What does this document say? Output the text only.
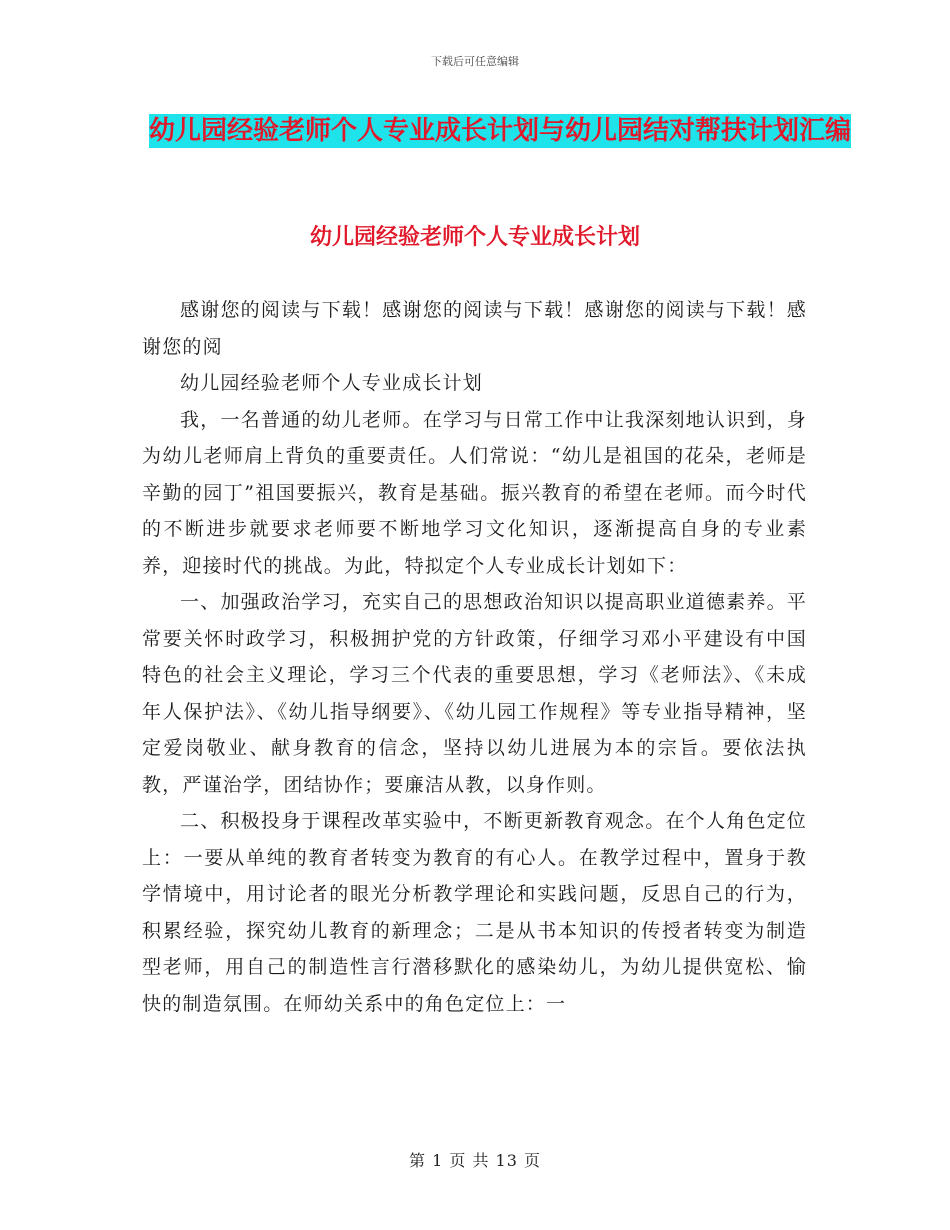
下载后可任意编辑
幼儿园经验老师个人专业成长计划与幼儿园结对帮扶计划汇编
幼儿园经验老师个人专业成长计划

感谢您的阅读与下载！感谢您的阅读与下载！感谢您的阅读与下载！感谢您的阅

幼儿园经验老师个人专业成长计划

我，一名普通的幼儿老师。在学习与日常工作中让我深刻地认识到，身为幼儿老师肩上背负的重要责任。人们常说：“幼儿是祖国的花朵，老师是辛勤的园丁”祖国要振兴，教育是基础。振兴教育的希望在老师。而今时代的不断进步就要求老师要不断地学习文化知识，逐渐提高自身的专业素养，迎接时代的挑战。为此，特拟定个人专业成长计划如下：

一、加强政治学习，充实自己的思想政治知识以提高职业道德素养。平常要关怀时政学习，积极拥护党的方针政策，仔细学习邓小平建设有中国特色的社会主义理论，学习三个代表的重要思想，学习《老师法》、《未成年人保护法》、《幼儿指导纲要》、《幼儿园工作规程》等专业指导精神，坚定爱岗敬业、献身教育的信念，坚持以幼儿进展为本的宗旨。要依法执教，严谨治学，团结协作；要廉洁从教，以身作则。

二、积极投身于课程改革实验中，不断更新教育观念。在个人角色定位上：一要从单纯的教育者转变为教育的有心人。在教学过程中，置身于教学情境中，用讨论者的眼光分析教学理论和实践问题，反思自己的行为，积累经验，探究幼儿教育的新理念；二是从书本知识的传授者转变为制造型老师，用自己的制造性言行潜移默化的感染幼儿，为幼儿提供宽松、愉快的制造氛围。在师幼关系中的角色定位上：一

第 1 页 共 13 页
